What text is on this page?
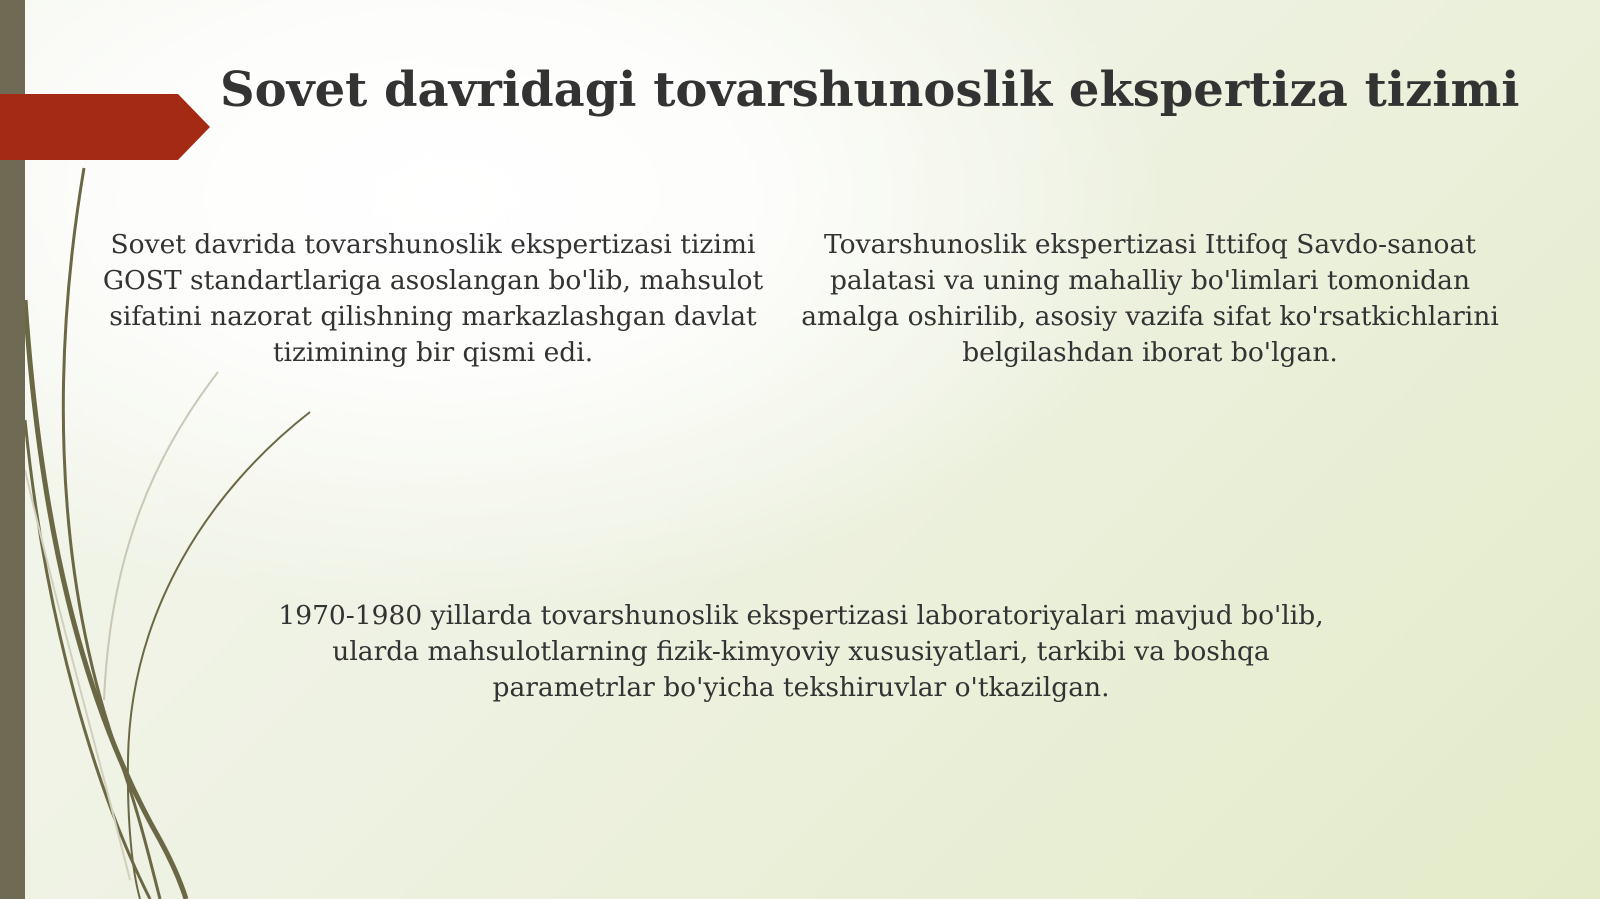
Sovet davridagi tovarshunoslik ekspertiza tizimi

Sovet davrida tovarshunoslik ekspertizasi tizimi GOST standartlariga asoslangan bo'lib, mahsulot sifatini nazorat qilishning markazlashgan davlat tizimining bir qismi edi.

Tovarshunoslik ekspertizasi Ittifoq Savdo-sanoat palatasi va uning mahalliy bo'limlari tomonidan amalga oshirilib, asosiy vazifa sifat ko'rsatkichlarini belgilashdan iborat bo'lgan.

1970-1980 yillarda tovarshunoslik ekspertizasi laboratoriyalari mavjud bo'lib, ularda mahsulotlarning fizik-kimyoviy xususiyatlari, tarkibi va boshqa parametrlar bo'yicha tekshiruvlar o'tkazilgan.
